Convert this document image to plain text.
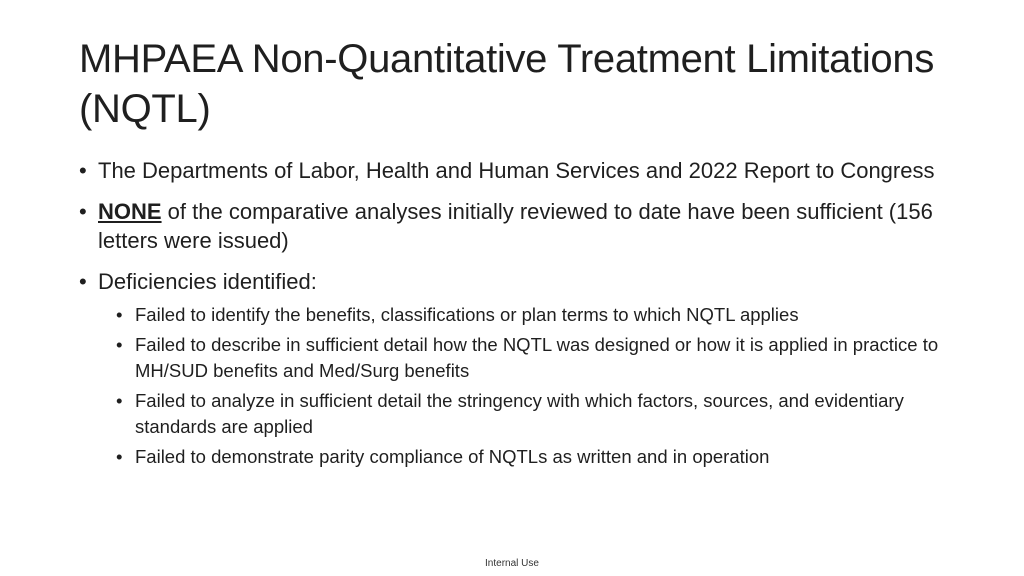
MHPAEA Non-Quantitative Treatment Limitations (NQTL)
• The Departments of Labor, Health and Human Services and 2022 Report to Congress
• NONE of the comparative analyses initially reviewed to date have been sufficient (156 letters were issued)
• Deficiencies identified:
• Failed to identify the benefits, classifications or plan terms to which NQTL applies
• Failed to describe in sufficient detail how the NQTL was designed or how it is applied in practice to MH/SUD benefits and Med/Surg benefits
• Failed to analyze in sufficient detail the stringency with which factors, sources, and evidentiary standards are applied
• Failed to demonstrate parity compliance of NQTLs as written and in operation
Internal Use
